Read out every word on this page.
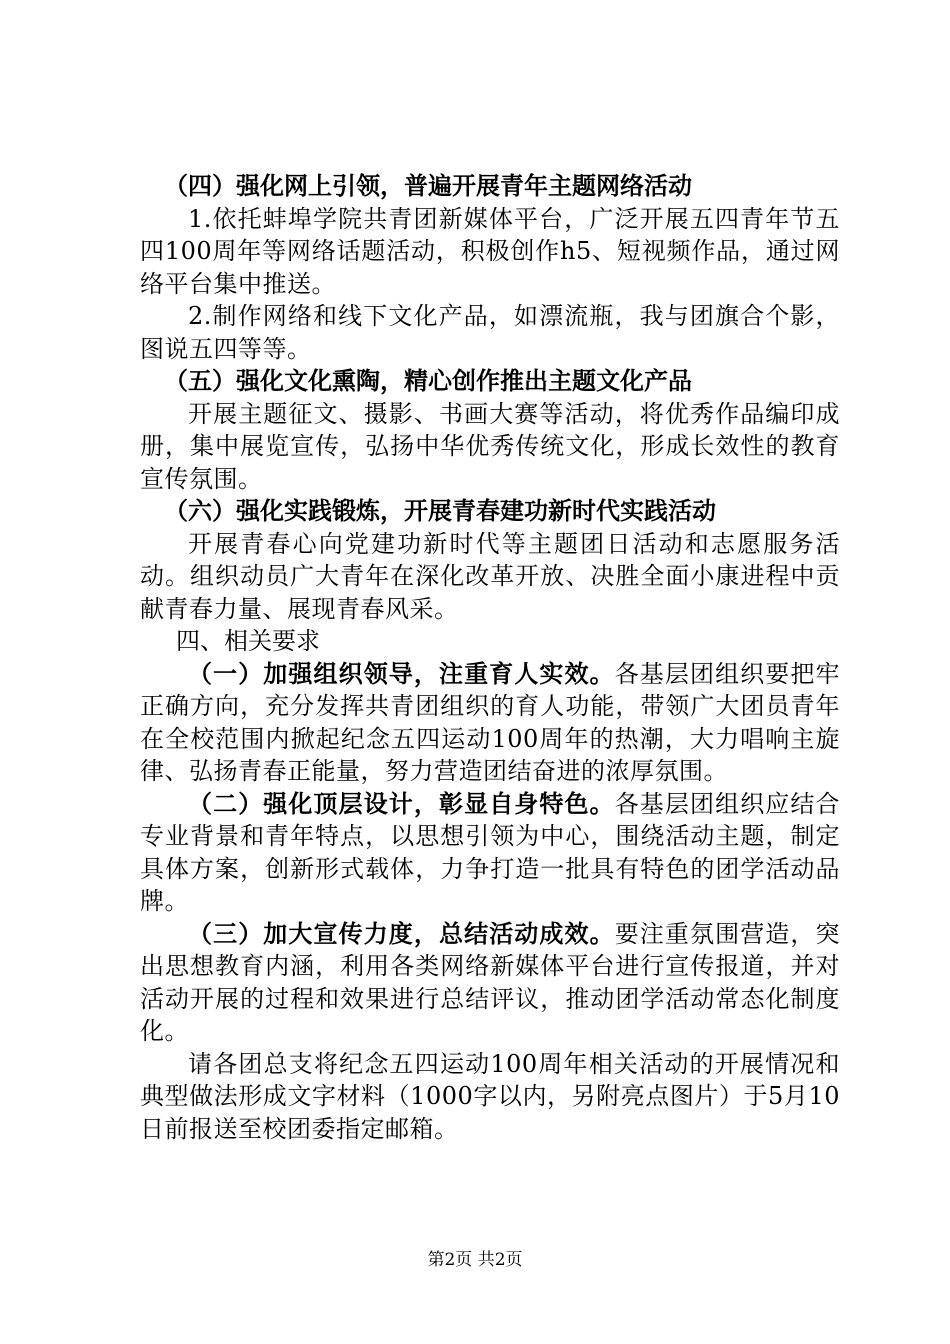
（四）强化网上引领，普遍开展青年主题网络活动

1.依托蚌埠学院共青团新媒体平台，广泛开展五四青年节五四100周年等网络话题活动，积极创作h5、短视频作品，通过网络平台集中推送。

2.制作网络和线下文化产品，如漂流瓶，我与团旗合个影，图说五四等等。

（五）强化文化熏陶，精心创作推出主题文化产品

开展主题征文、摄影、书画大赛等活动，将优秀作品编印成册，集中展览宣传，弘扬中华优秀传统文化，形成长效性的教育宣传氛围。

（六）强化实践锻炼，开展青春建功新时代实践活动

开展青春心向党建功新时代等主题团日活动和志愿服务活动。组织动员广大青年在深化改革开放、决胜全面小康进程中贡献青春力量、展现青春风采。

四、相关要求

（一）加强组织领导，注重育人实效。各基层团组织要把牢正确方向，充分发挥共青团组织的育人功能，带领广大团员青年在全校范围内掀起纪念五四运动100周年的热潮，大力唱响主旋律、弘扬青春正能量，努力营造团结奋进的浓厚氛围。

（二）强化顶层设计，彰显自身特色。各基层团组织应结合专业背景和青年特点，以思想引领为中心，围绕活动主题，制定具体方案，创新形式载体，力争打造一批具有特色的团学活动品牌。

（三）加大宣传力度，总结活动成效。要注重氛围营造，突出思想教育内涵，利用各类网络新媒体平台进行宣传报道，并对活动开展的过程和效果进行总结评议，推动团学活动常态化制度化。

请各团总支将纪念五四运动100周年相关活动的开展情况和典型做法形成文字材料（1000字以内，另附亮点图片）于5月10日前报送至校团委指定邮箱。

第2页 共2页
